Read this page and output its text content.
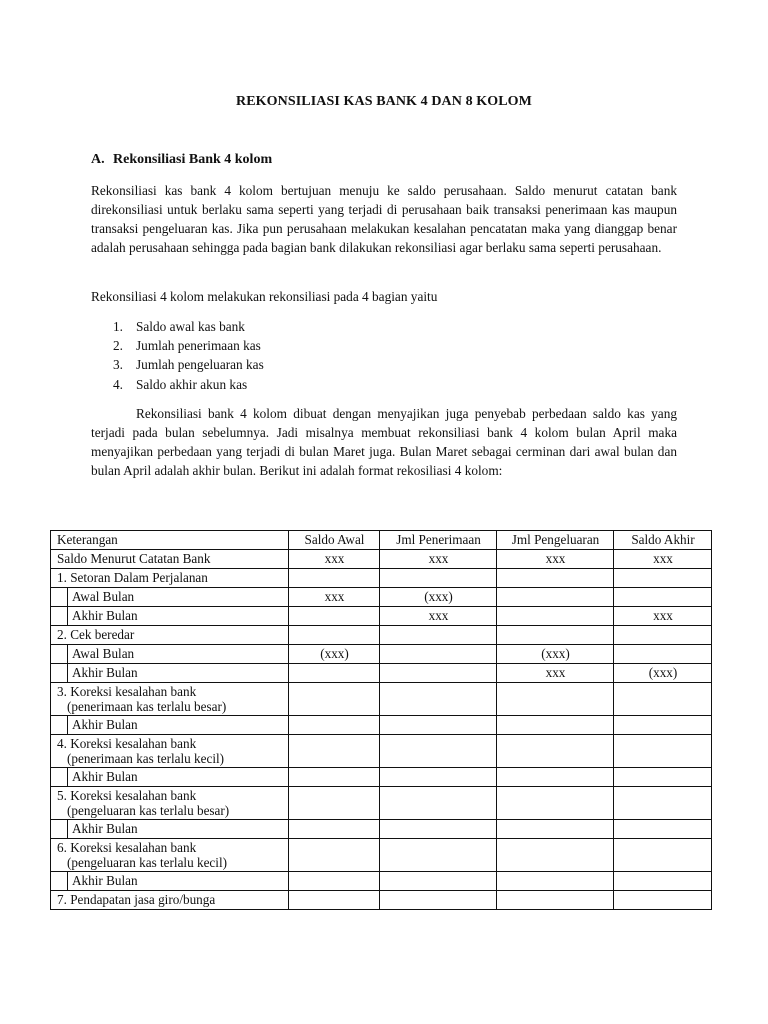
REKONSILIASI KAS BANK 4 DAN 8 KOLOM
A. Rekonsiliasi Bank 4 kolom

Rekonsiliasi kas bank 4 kolom bertujuan menuju ke saldo perusahaan. Saldo menurut catatan bank direkonsiliasi untuk berlaku sama seperti yang terjadi di perusahaan baik transaksi penerimaan kas maupun transaksi pengeluaran kas. Jika pun perusahaan melakukan kesalahan pencatatan maka yang dianggap benar adalah perusahaan sehingga pada bagian bank dilakukan rekonsiliasi agar berlaku sama seperti perusahaan.

Rekonsiliasi 4 kolom melakukan rekonsiliasi pada 4 bagian yaitu

1. Saldo awal kas bank
2. Jumlah penerimaan kas
3. Jumlah pengeluaran kas
4. Saldo akhir akun kas

Rekonsiliasi bank 4 kolom dibuat dengan menyajikan juga penyebab perbedaan saldo kas yang terjadi pada bulan sebelumnya. Jadi misalnya membuat rekonsiliasi bank 4 kolom bulan April maka menyajikan perbedaan yang terjadi di bulan Maret juga. Bulan Maret sebagai cerminan dari awal bulan dan bulan April adalah akhir bulan. Berikut ini adalah format rekosiliasi 4 kolom:

Keterangan		Saldo Awal	Jml Penerimaan	Jml Pengeluaran	Saldo Akhir
Saldo Menurut Catatan Bank		xxx	xxx	xxx	xxx
1. Setoran Dalam Perjalanan					
	Awal Bulan	xxx	(xxx)		
	Akhir Bulan		xxx		xxx
2. Cek beredar					
	Awal Bulan	(xxx)		(xxx)	
	Akhir Bulan			xxx	(xxx)

3. Koreksi kesalahan bank
(penerimaan kas terlalu besar)					

	Akhir Bulan				

4. Koreksi kesalahan bank
(penerimaan kas terlalu kecil)					

	Akhir Bulan				

5. Koreksi kesalahan bank
(pengeluaran kas terlalu besar)					

	Akhir Bulan				

6. Koreksi kesalahan bank
(pengeluaran kas terlalu kecil)					

	Akhir Bulan				
7. Pendapatan jasa giro/bunga					
